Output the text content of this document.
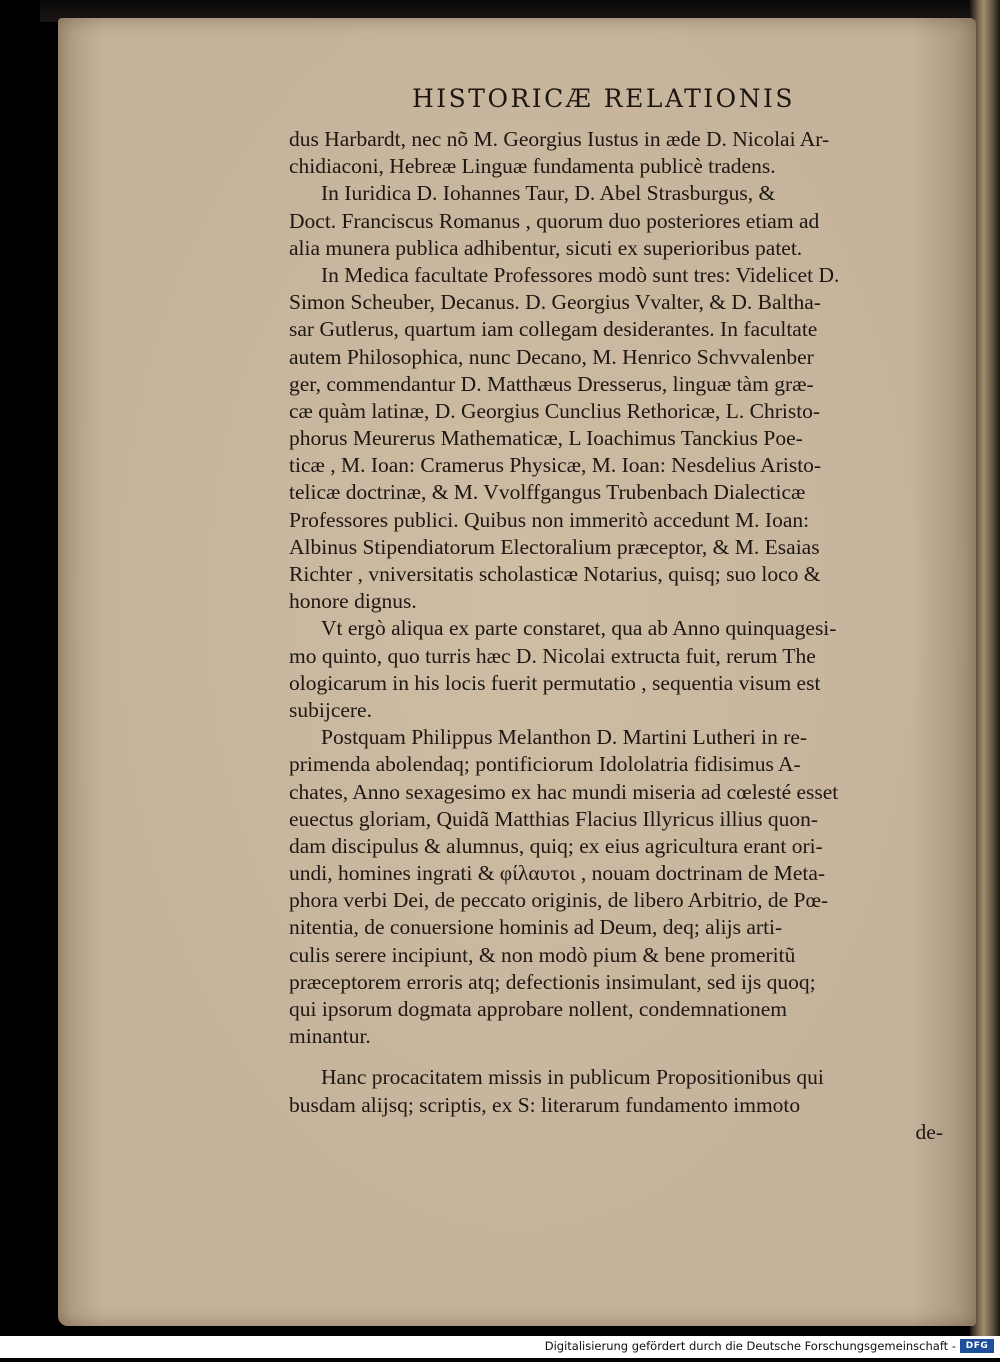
HISTORICÆ RELATIONIS
dus Harbardt, nec nõ M. Georgius Iustus in æde D. Nicolai Ar-
chidiaconi, Hebreæ Linguæ fundamenta publicè tradens.
In Iuridica D. Iohannes Taur, D. Abel Strasburgus, &
Doct. Franciscus Romanus , quorum duo posteriores etiam ad
alia munera publica adhibentur, sicuti ex superioribus patet.
In Medica facultate Professores modò sunt tres: Videlicet D.
Simon Scheuber, Decanus. D. Georgius Vvalter, & D. Baltha-
sar Gutlerus, quartum iam collegam desiderantes. In facultate
autem Philosophica, nunc Decano, M. Henrico Schvvalenber
ger, commendantur D. Matthæus Dresserus, linguæ tàm græ-
cæ quàm latinæ, D. Georgius Cunclius Rethoricæ, L. Christo-
phorus Meurerus Mathematicæ, L Ioachimus Tanckius Poe-
ticæ , M. Ioan: Cramerus Physicæ, M. Ioan: Nesdelius Aristo-
telicæ doctrinæ, & M. Vvolffgangus Trubenbach Dialecticæ
Professores publici. Quibus non immeritò accedunt M. Ioan:
Albinus Stipendiatorum Electoralium præceptor, & M. Esaias
Richter , vniversitatis scholasticæ Notarius, quisq; suo loco &
honore dignus.
Vt ergò aliqua ex parte constaret, qua ab Anno quinquagesi-
mo quinto, quo turris hæc D. Nicolai extructa fuit, rerum The
ologicarum in his locis fuerit permutatio , sequentia visum est
subijcere.
Postquam Philippus Melanthon D. Martini Lutheri in re-
primenda abolendaq; pontificiorum Idololatria fidisimus A-
chates, Anno sexagesimo ex hac mundi miseria ad cœlesté esset
euectus gloriam, Quidã Matthias Flacius Illyricus illius quon-
dam discipulus & alumnus, quiq; ex eius agricultura erant ori-
undi, homines ingrati & φίλαυτοι , nouam doctrinam de Meta-
phora verbi Dei, de peccato originis, de libero Arbitrio, de Pœ-
nitentia, de conuersione hominis ad Deum, deq; alijs arti-
culis serere incipiunt, & non modò pium & bene promeritũ
præceptorem erroris atq; defectionis insimulant, sed ijs quoq;
qui ipsorum dogmata approbare nollent, condemnationem
minantur.
Hanc procacitatem missis in publicum Propositionibus qui
busdam alijsq; scriptis, ex S: literarum fundamento immoto
de-
Digitalisierung gefördert durch die Deutsche Forschungsgemeinschaft -	DFG
